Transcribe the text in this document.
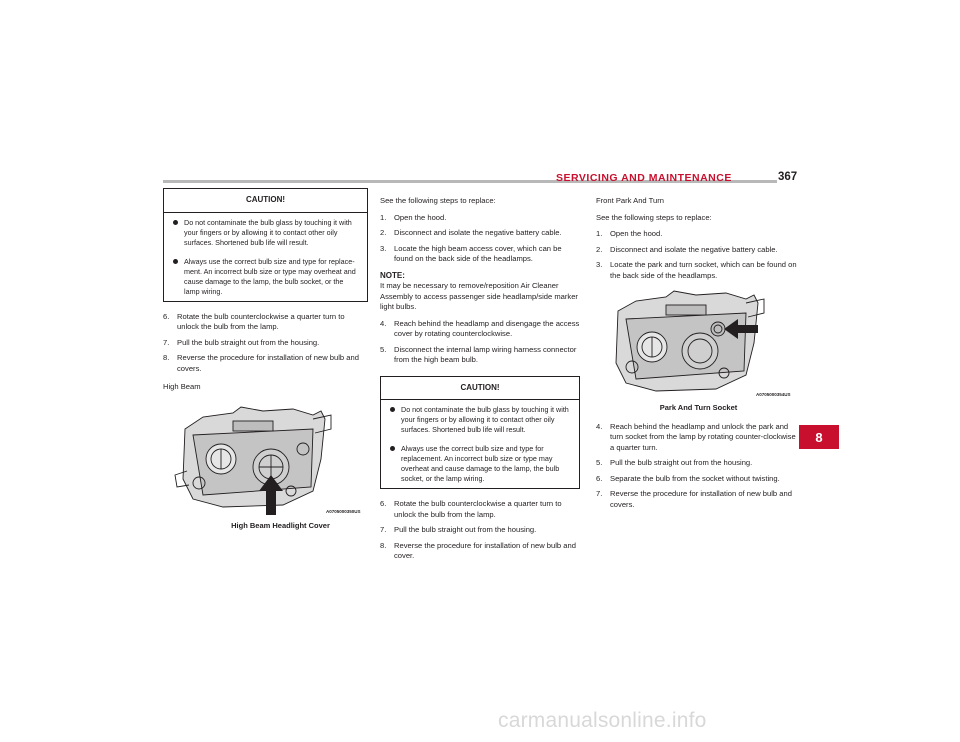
SERVICING AND MAINTENANCE	367
CAUTION!
Do not contaminate the bulb glass by touching it with your fingers or by allowing it to contact other oily surfaces. Shortened bulb life will result.
Always use the correct bulb size and type for replace-ment. An incorrect bulb size or type may overheat and cause damage to the lamp, the bulb socket, or the lamp wiring.
6. Rotate the bulb counterclockwise a quarter turn to unlock the bulb from the lamp.
7. Pull the bulb straight out from the housing.
8. Reverse the procedure for installation of new bulb and covers.
High Beam
A0705000350US
High Beam Headlight Cover
See the following steps to replace:
1. Open the hood.
2. Disconnect and isolate the negative battery cable.
3. Locate the high beam access cover, which can be found on the back side of the headlamps.
NOTE:
It may be necessary to remove/reposition Air Cleaner Assembly to access passenger side headlamp/side marker light bulbs.
4. Reach behind the headlamp and disengage the access cover by rotating counterclockwise.
5. Disconnect the internal lamp wiring harness connector from the high beam bulb.
CAUTION!
Do not contaminate the bulb glass by touching it with your fingers or by allowing it to contact other oily surfaces. Shortened bulb life will result.
Always use the correct bulb size and type for replacement. An incorrect bulb size or type may overheat and cause damage to the lamp, the bulb socket, or the lamp wiring.
6. Rotate the bulb counterclockwise a quarter turn to unlock the bulb from the lamp.
7. Pull the bulb straight out from the housing.
8. Reverse the procedure for installation of new bulb and cover.
Front Park And Turn
See the following steps to replace:
1. Open the hood.
2. Disconnect and isolate the negative battery cable.
3. Locate the park and turn socket, which can be found on the back side of the headlamps.
A0705000354US
Park And Turn Socket
4. Reach behind the headlamp and unlock the park and turn socket from the lamp by rotating counter-clockwise a quarter turn.
5. Pull the bulb straight out from the housing.
6. Separate the bulb from the socket without twisting.
7. Reverse the procedure for installation of new bulb and covers.
8
carmanualsonline.info
